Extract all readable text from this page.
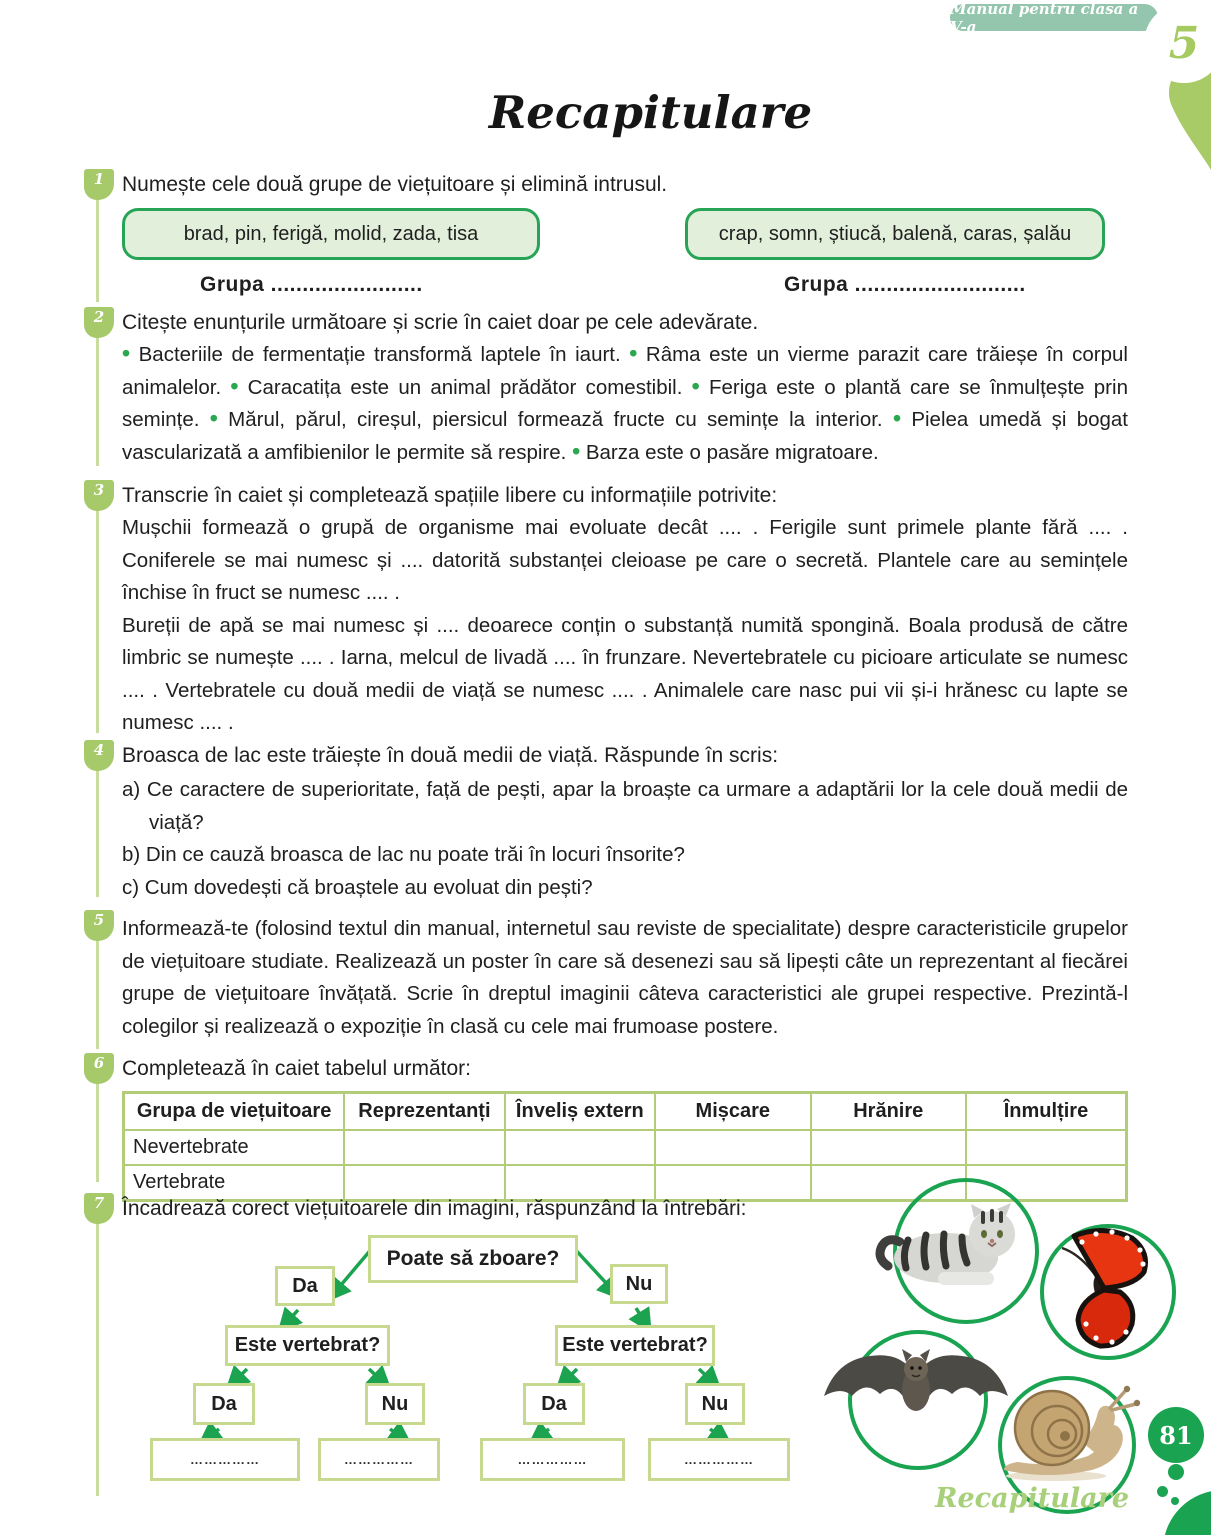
Manual pentru clasa a V-a	5
Recapitulare
1 Numește cele două grupe de viețuitoare și elimină intrusul.

brad, pin, ferigă, molid, zada, tisa	crap, somn, știucă, balenă, caras, șalău
Grupa ........................	Grupa ...........................
2 Citește enunțurile următoare și scrie în caiet doar pe cele adevărate.

• Bacteriile de fermentație transformă laptele în iaurt. • Râma este un vierme parazit care trăieșe în corpul animalelor. • Caracatița este un animal prădător comestibil. • Feriga este o plantă care se înmulțește prin semințe. • Mărul, părul, cireșul, piersicul formează fructe cu semințe la interior. • Pielea umedă și bogat vascularizată a amfibienilor le permite să respire. • Barza este o pasăre migratoare.

3 Transcrie în caiet și completează spațiile libere cu informațiile potrivite:

Mușchii formează o grupă de organisme mai evoluate decât .... . Ferigile sunt primele plante fără .... . Coniferele se mai numesc și .... datorită substanței cleioase pe care o secretă. Plantele care au semințele închise în fruct se numesc .... .

Bureții de apă se mai numesc și .... deoarece conțin o substanță numită spongină. Boala produsă de către limbric se numește .... . Iarna, melcul de livadă .... în frunzare. Nevertebratele cu picioare articulate se numesc .... . Vertebratele cu două medii de viață se numesc .... . Animalele care nasc pui vii și-i hrănesc cu lapte se numesc .... .

4 Broasca de lac este trăiește în două medii de viață. Răspunde în scris:

a) Ce caractere de superioritate, față de pești, apar la broaște ca urmare a adaptării lor la cele două medii de viață?

b) Din ce cauză broasca de lac nu poate trăi în locuri însorite?

c) Cum dovedești că broaștele au evoluat din pești?

5 Informează-te (folosind textul din manual, internetul sau reviste de specialitate) despre caracteristicile grupelor de viețuitoare studiate. Realizează un poster în care să desenezi sau să lipești câte un reprezentant al fiecărei grupe de viețuitoare învățată. Scrie în dreptul imaginii câteva caracteristici ale grupei respective. Prezintă-l colegilor și realizează o expoziție în clasă cu cele mai frumoase postere.

6 Completează în caiet tabelul următor:

Grupa de viețuitoare	Reprezentanți	Înveliș extern	Mișcare	Hrănire	Înmulțire
Nevertebrate					
Vertebrate					
7 Încadrează corect viețuitoarele din imagini, răspunzând la întrebări:

Poate să zboare?
Da	Nu
Este vertebrat?	Este vertebrat?
Da	Nu	Da	Nu
……………	……………	……………	……………
81
Recapitulare
